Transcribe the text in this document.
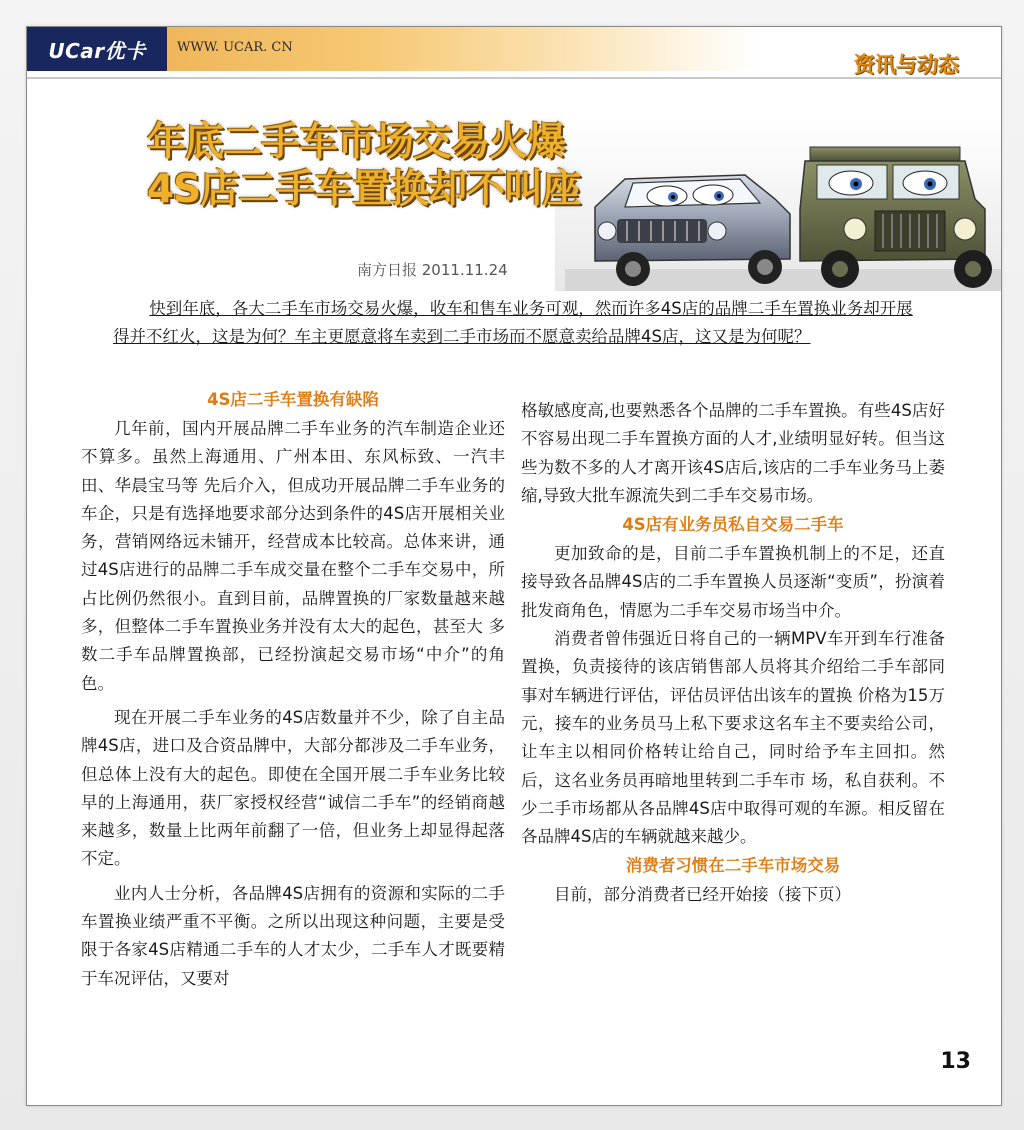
UCar优卡 WWW. UCAR. CN
资讯与动态
年底二手车市场交易火爆
4S店二手车置换却不叫座
南方日报 2011.11.24
快到年底，各大二手车市场交易火爆，收车和售车业务可观，然而许多4S店的品牌二手车置换业务却开展得并不红火，这是为何？车主更愿意将车卖到二手市场而不愿意卖给品牌4S店，这又是为何呢？
4S店二手车置换有缺陷
几年前，国内开展品牌二手车业务的汽车制造企业还不算多。虽然上海通用、广州本田、东风标致、一汽丰田、华晨宝马等 先后介入，但成功开展品牌二手车业务的车企，只是有选择地要求部分达到条件的4S店开展相关业务，营销网络远未铺开，经营成本比较高。总体来讲，通过4S店进行的品牌二手车成交量在整个二手车交易中，所占比例仍然很小。直到目前，品牌置换的厂家数量越来越多，但整体二手车置换业务并没有太大的起色，甚至大 多数二手车品牌置换部，已经扮演起交易市场“中介”的角色。
现在开展二手车业务的4S店数量并不少，除了自主品牌4S店，进口及合资品牌中，大部分都涉及二手车业务，但总体上没有大的起色。即使在全国开展二手车业务比较早的上海通用，获厂家授权经营“诚信二手车”的经销商越来越多，数量上比两年前翻了一倍，但业务上却显得起落不定。
业内人士分析，各品牌4S店拥有的资源和实际的二手车置换业绩严重不平衡。之所以出现这种问题，主要是受限于各家4S店精通二手车的人才太少，二手车人才既要精于车况评估，又要对
格敏感度高,也要熟悉各个品牌的二手车置换。有些4S店好不容易出现二手车置换方面的人才,业绩明显好转。但当这些为数不多的人才离开该4S店后,该店的二手车业务马上萎缩,导致大批车源流失到二手车交易市场。
4S店有业务员私自交易二手车
更加致命的是，目前二手车置换机制上的不足，还直接导致各品牌4S店的二手车置换人员逐渐“变质”，扮演着批发商角色，情愿为二手车交易市场当中介。
消费者曾伟强近日将自己的一辆MPV车开到车行准备置换，负责接待的该店销售部人员将其介绍给二手车部同事对车辆进行评估，评估员评估出该车的置换 价格为15万元，接车的业务员马上私下要求这名车主不要卖给公司，让车主以相同价格转让给自己，同时给予车主回扣。然后，这名业务员再暗地里转到二手车市 场，私自获利。不少二手市场都从各品牌4S店中取得可观的车源。相反留在各品牌4S店的车辆就越来越少。
消费者习惯在二手车市场交易
目前，部分消费者已经开始接（接下页）
13
